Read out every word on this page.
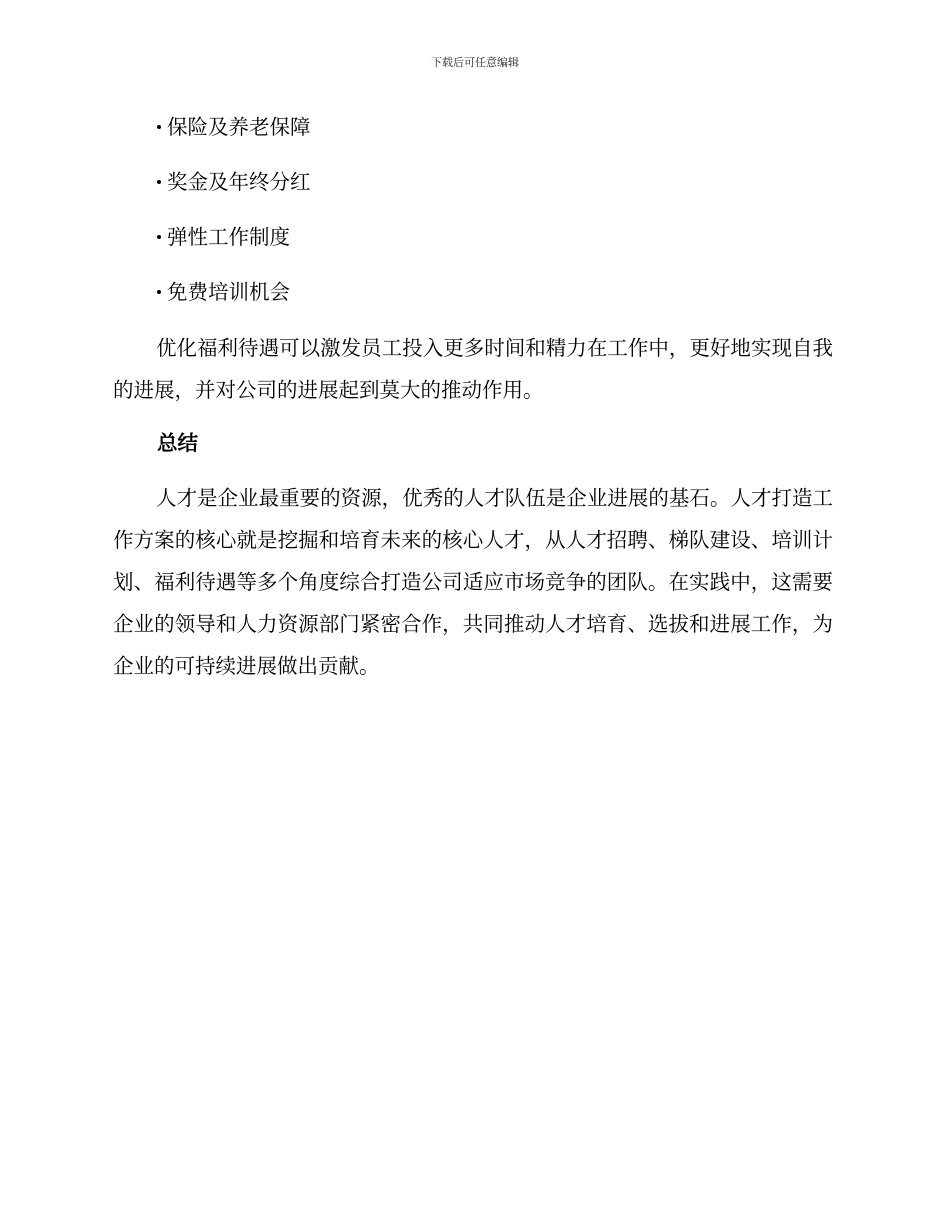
下载后可任意编辑
保险及养老保障
奖金及年终分红
弹性工作制度
免费培训机会

优化福利待遇可以激发员工投入更多时间和精力在工作中，更好地实现自我的进展，并对公司的进展起到莫大的推动作用。

总结

人才是企业最重要的资源，优秀的人才队伍是企业进展的基石。人才打造工作方案的核心就是挖掘和培育未来的核心人才，从人才招聘、梯队建设、培训计划、福利待遇等多个角度综合打造公司适应市场竞争的团队。在实践中，这需要企业的领导和人力资源部门紧密合作，共同推动人才培育、选拔和进展工作，为企业的可持续进展做出贡献。
